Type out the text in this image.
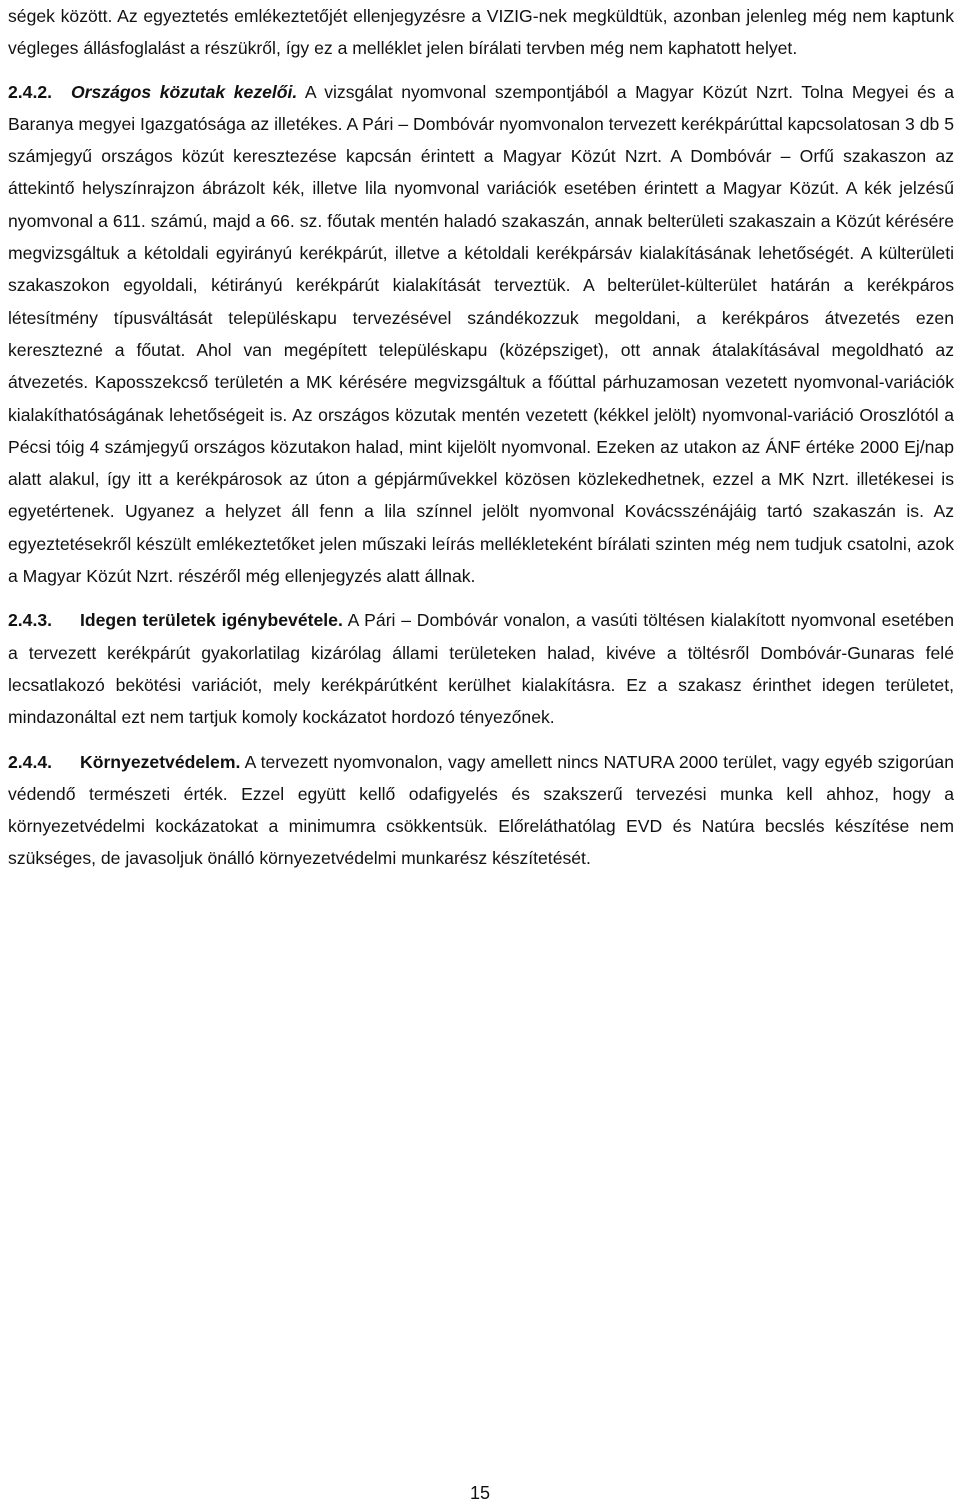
ségek között. Az egyeztetés emlékeztetőjét ellenjegyzésre a VIZIG-nek megküldtük, azonban jelenleg még nem kaptunk végleges állásfoglalást a részükről, így ez a melléklet jelen bírálati tervben még nem kaphatott helyet.

2.4.2. Országos közutak kezelői. A vizsgálat nyomvonal szempontjából a Magyar Közút Nzrt. Tolna Megyei és a Baranya megyei Igazgatósága az illetékes. A Pári – Dombóvár nyomvonalon tervezett kerékpárúttal kapcsolatosan 3 db 5 számjegyű országos közút keresztezése kapcsán érintett a Magyar Közút Nzrt. A Dombóvár – Orfű szakaszon az áttekintő helyszínrajzon ábrázolt kék, illetve lila nyomvonal variációk esetében érintett a Magyar Közút. A kék jelzésű nyomvonal a 611. számú, majd a 66. sz. főutak mentén haladó szakaszán, annak belterületi szakaszain a Közút kérésére megvizsgáltuk a kétoldali egyirányú kerékpárút, illetve a kétoldali kerékpársáv kialakításának lehetőségét. A külterületi szakaszokon egyoldali, kétirányú kerékpárút kialakítását terveztük. A belterület-külterület határán a kerékpáros létesítmény típusváltását településkapu tervezésével szándékozzuk megoldani, a kerékpáros átvezetés ezen keresztezné a főutat. Ahol van megépített településkapu (középsziget), ott annak átalakításával megoldható az átvezetés. Kaposszekcső területén a MK kérésére megvizsgáltuk a főúttal párhuzamosan vezetett nyomvonal-variációk kialakíthatóságának lehetőségeit is. Az országos közutak mentén vezetett (kékkel jelölt) nyomvonal-variáció Oroszlótól a Pécsi tóig 4 számjegyű országos közutakon halad, mint kijelölt nyomvonal. Ezeken az utakon az ÁNF értéke 2000 Ej/nap alatt alakul, így itt a kerékpárosok az úton a gépjárművekkel közösen közlekedhetnek, ezzel a MK Nzrt. illetékesei is egyetértenek. Ugyanez a helyzet áll fenn a lila színnel jelölt nyomvonal Kovácsszénájáig tartó szakaszán is. Az egyeztetésekről készült emlékeztetőket jelen műszaki leírás mellékleteként bírálati szinten még nem tudjuk csatolni, azok a Magyar Közút Nzrt. részéről még ellenjegyzés alatt állnak.

2.4.3. Idegen területek igénybevétele. A Pári – Dombóvár vonalon, a vasúti töltésen kialakított nyomvonal esetében a tervezett kerékpárút gyakorlatilag kizárólag állami területeken halad, kivéve a töltésről Dombóvár-Gunaras felé lecsatlakozó bekötési variációt, mely kerékpárútként kerülhet kialakításra. Ez a szakasz érinthet idegen területet, mindazonáltal ezt nem tartjuk komoly kockázatot hordozó tényezőnek.

2.4.4. Környezetvédelem. A tervezett nyomvonalon, vagy amellett nincs NATURA 2000 terület, vagy egyéb szigorúan védendő természeti érték. Ezzel együtt kellő odafigyelés és szakszerű tervezési munka kell ahhoz, hogy a környezetvédelmi kockázatokat a minimumra csökkentsük. Előreláthatólag EVD és Natúra becslés készítése nem szükséges, de javasoljuk önálló környezetvédelmi munkarész készítetését.

15
